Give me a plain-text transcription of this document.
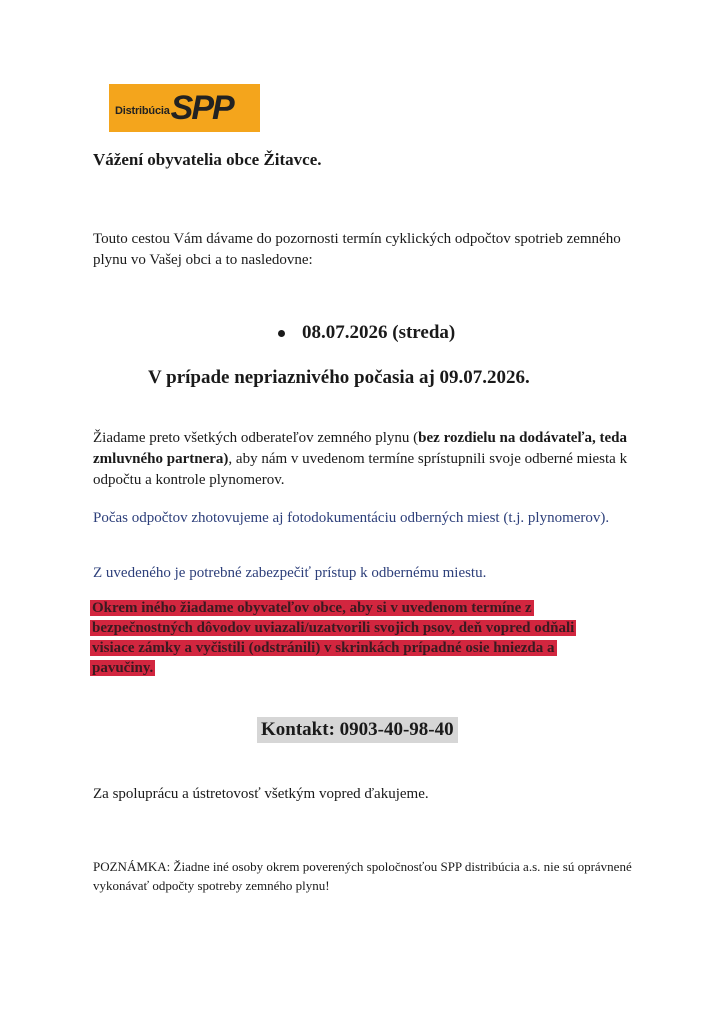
Distribúcia SPP
Vážení obyvatelia obce Žitavce.
Touto cestou Vám dávame do pozornosti termín cyklických odpočtov spotrieb zemného plynu vo Vašej obci a to nasledovne:
08.07.2026 (streda)
V prípade nepriaznivého počasia aj 09.07.2026.
Žiadame preto všetkých odberateľov zemného plynu (bez rozdielu na dodávateľa, teda zmluvného partnera), aby nám v uvedenom termíne sprístupnili svoje odberné miesta k odpočtu a kontrole plynomerov.
Počas odpočtov zhotovujeme aj fotodokumentáciu odberných miest (t.j. plynomerov).
Z uvedeného je potrebné zabezpečiť prístup k odbernému miestu.
Okrem iného žiadame obyvateľov obce, aby si v uvedenom termíne z bezpečnostných dôvodov uviazali/uzatvorili svojich psov, deň vopred odňali visiace zámky a vyčistili (odstránili) v skrinkách prípadné osie hniezda a pavučiny.
Kontakt: 0903-40-98-40
Za spoluprácu a ústretovosť všetkým vopred ďakujeme.
POZNÁMKA: Žiadne iné osoby okrem poverených spoločnosťou SPP distribúcia a.s. nie sú oprávnené vykonávať odpočty spotreby zemného plynu!
